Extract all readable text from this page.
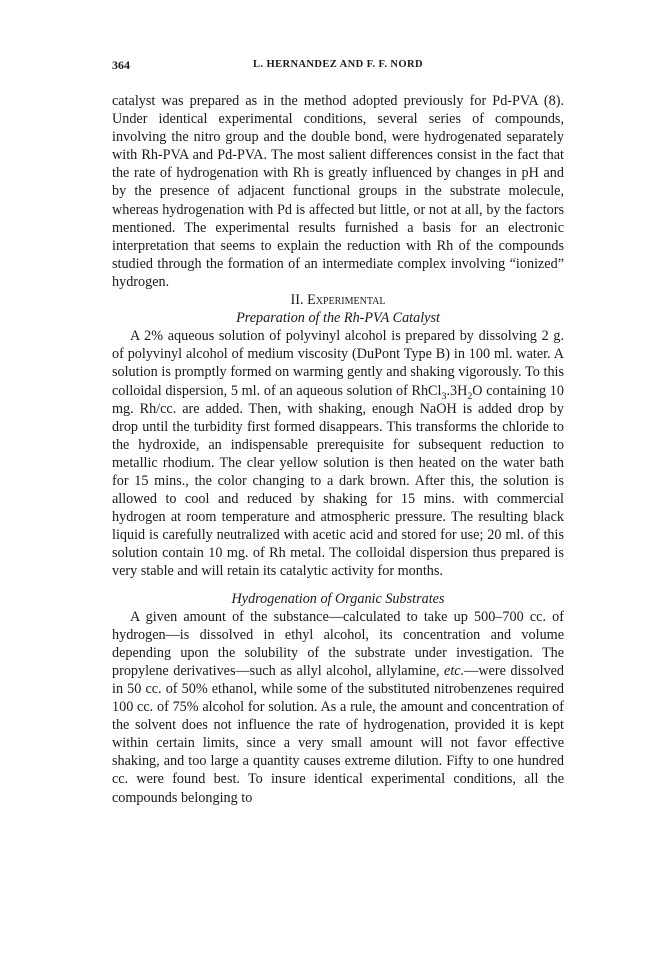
364	L. HERNANDEZ AND F. F. NORD

catalyst was prepared as in the method adopted previously for Pd-PVA (8). Under identical experimental conditions, several series of compounds, involving the nitro group and the double bond, were hydrogenated separately with Rh-PVA and Pd-PVA. The most salient differences consist in the fact that the rate of hydrogenation with Rh is greatly influenced by changes in pH and by the presence of adjacent functional groups in the substrate molecule, whereas hydrogenation with Pd is affected but little, or not at all, by the factors mentioned. The experimental results furnished a basis for an electronic interpretation that seems to explain the reduction with Rh of the compounds studied through the formation of an intermediate complex involving “ionized” hydrogen.

II. Experimental

Preparation of the Rh-PVA Catalyst

A 2% aqueous solution of polyvinyl alcohol is prepared by dissolving 2 g. of polyvinyl alcohol of medium viscosity (DuPont Type B) in 100 ml. water. A solution is promptly formed on warming gently and shaking vigorously. To this colloidal dispersion, 5 ml. of an aqueous solution of $RhCl_3.3H_2O$ containing 10 mg. Rh/cc. are added. Then, with shaking, enough NaOH is added drop by drop until the turbidity first formed disappears. This transforms the chloride to the hydroxide, an indispensable prerequisite for subsequent reduction to metallic rhodium. The clear yellow solution is then heated on the water bath for 15 mins., the color changing to a dark brown. After this, the solution is allowed to cool and reduced by shaking for 15 mins. with commercial hydrogen at room temperature and atmospheric pressure. The resulting black liquid is carefully neutralized with acetic acid and stored for use; 20 ml. of this solution contain 10 mg. of Rh metal. The colloidal dispersion thus prepared is very stable and will retain its catalytic activity for months.

Hydrogenation of Organic Substrates

A given amount of the substance—calculated to take up 500–700 cc. of hydrogen—is dissolved in ethyl alcohol, its concentration and volume depending upon the solubility of the substrate under investigation. The propylene derivatives—such as allyl alcohol, allylamine, etc.—were dissolved in 50 cc. of 50% ethanol, while some of the substituted nitrobenzenes required 100 cc. of 75% alcohol for solution. As a rule, the amount and concentration of the solvent does not influence the rate of hydrogenation, provided it is kept within certain limits, since a very small amount will not favor effective shaking, and too large a quantity causes extreme dilution. Fifty to one hundred cc. were found best. To insure identical experimental conditions, all the compounds belonging to
